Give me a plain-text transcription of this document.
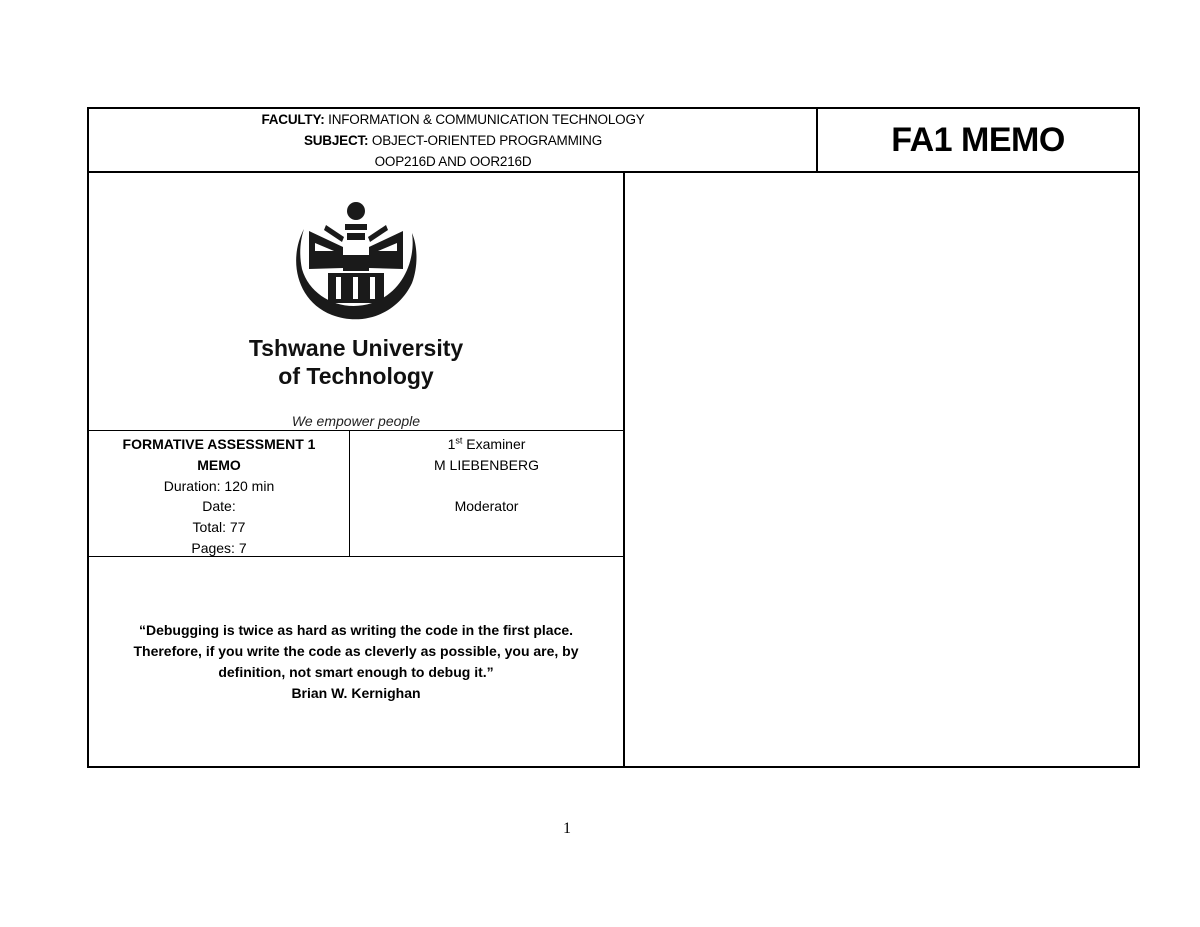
FACULTY: INFORMATION & COMMUNICATION TECHNOLOGY
SUBJECT: OBJECT-ORIENTED PROGRAMMING
OOP216D AND OOR216D
FA1 MEMO
Tshwane University
of Technology
We empower people
FORMATIVE ASSESSMENT 1
MEMO
Duration: 120 min
Date:
Total: 77
Pages: 7
1st Examiner
M LIEBENBERG
Moderator
“Debugging is twice as hard as writing the code in the first place.
Therefore, if you write the code as cleverly as possible, you are, by
definition, not smart enough to debug it.”
Brian W. Kernighan
1
